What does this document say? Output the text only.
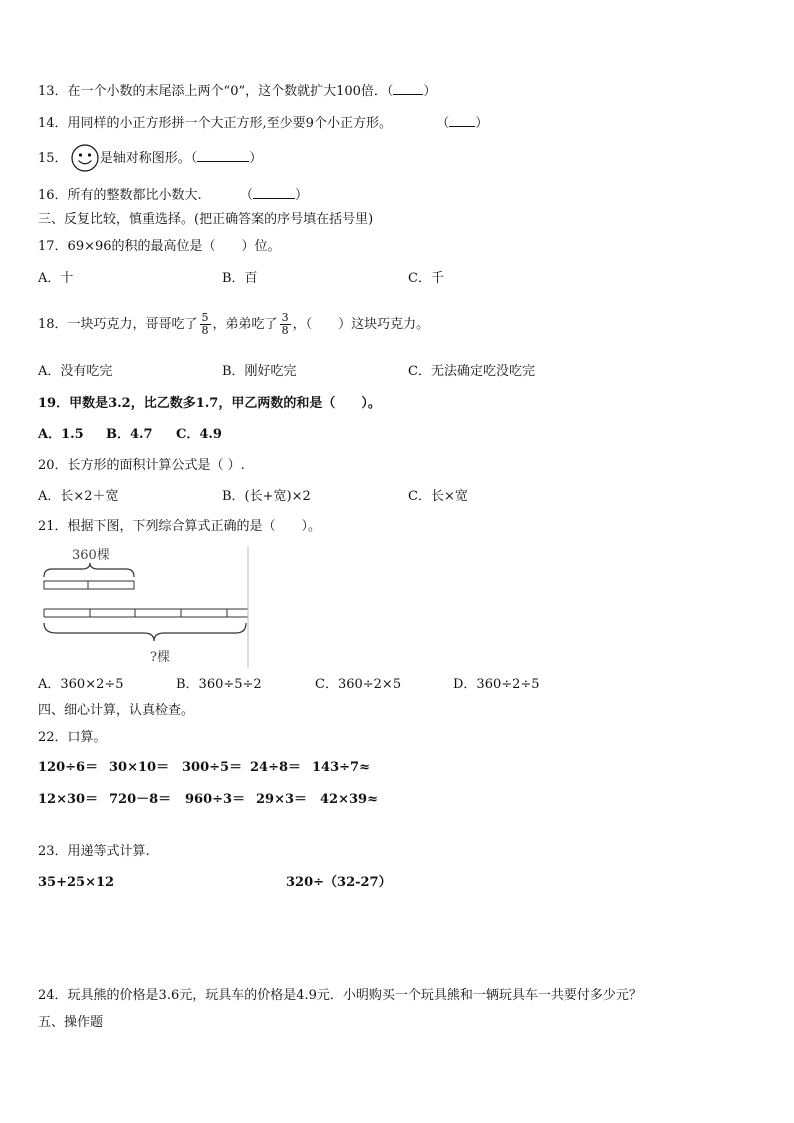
13．在一个小数的末尾添上两个“0”，这个数就扩大100倍．（ ）
14．用同样的小正方形拼一个大正方形,至少要9个小正方形。	（ ）
15． 是轴对称图形。（	）
16．所有的整数都比小数大.	（	）
三、反复比较，慎重选择。(把正确答案的序号填在括号里)
17．69×96的积的最高位是（　　）位。
A．十	B．百	C．千
18．一块巧克力，哥哥吃了 $\frac{5}{8}$ ，弟弟吃了 $\frac{3}{8}$ ，（　　）这块巧克力。
A．没有吃完	B．刚好吃完	C．无法确定吃没吃完
19．甲数是3.2，比乙数多1.7，甲乙两数的和是（　　）。
A．1.5 B．4.7 C．4.9
20．长方形的面积计算公式是（ ）.
A．长×2＋宽	B．(长+宽)×2	C．长×宽
21．根据下图，下列综合算式正确的是（　　）。
360棵
?棵
A．360×2÷5	B．360÷5÷2	C．360÷2×5	D．360÷2÷5
四、细心计算，认真检查。
22．口算。
120÷6＝ 30×10＝ 300÷5＝ 24÷8＝ 143÷7≈
12×30＝ 720－8＝ 960÷3＝ 29×3＝ 42×39≈
23．用递等式计算.
35+25×12	320÷（32-27）
24．玩具熊的价格是3.6元，玩具车的价格是4.9元．小明购买一个玩具熊和一辆玩具车一共要付多少元？
五、操作题
